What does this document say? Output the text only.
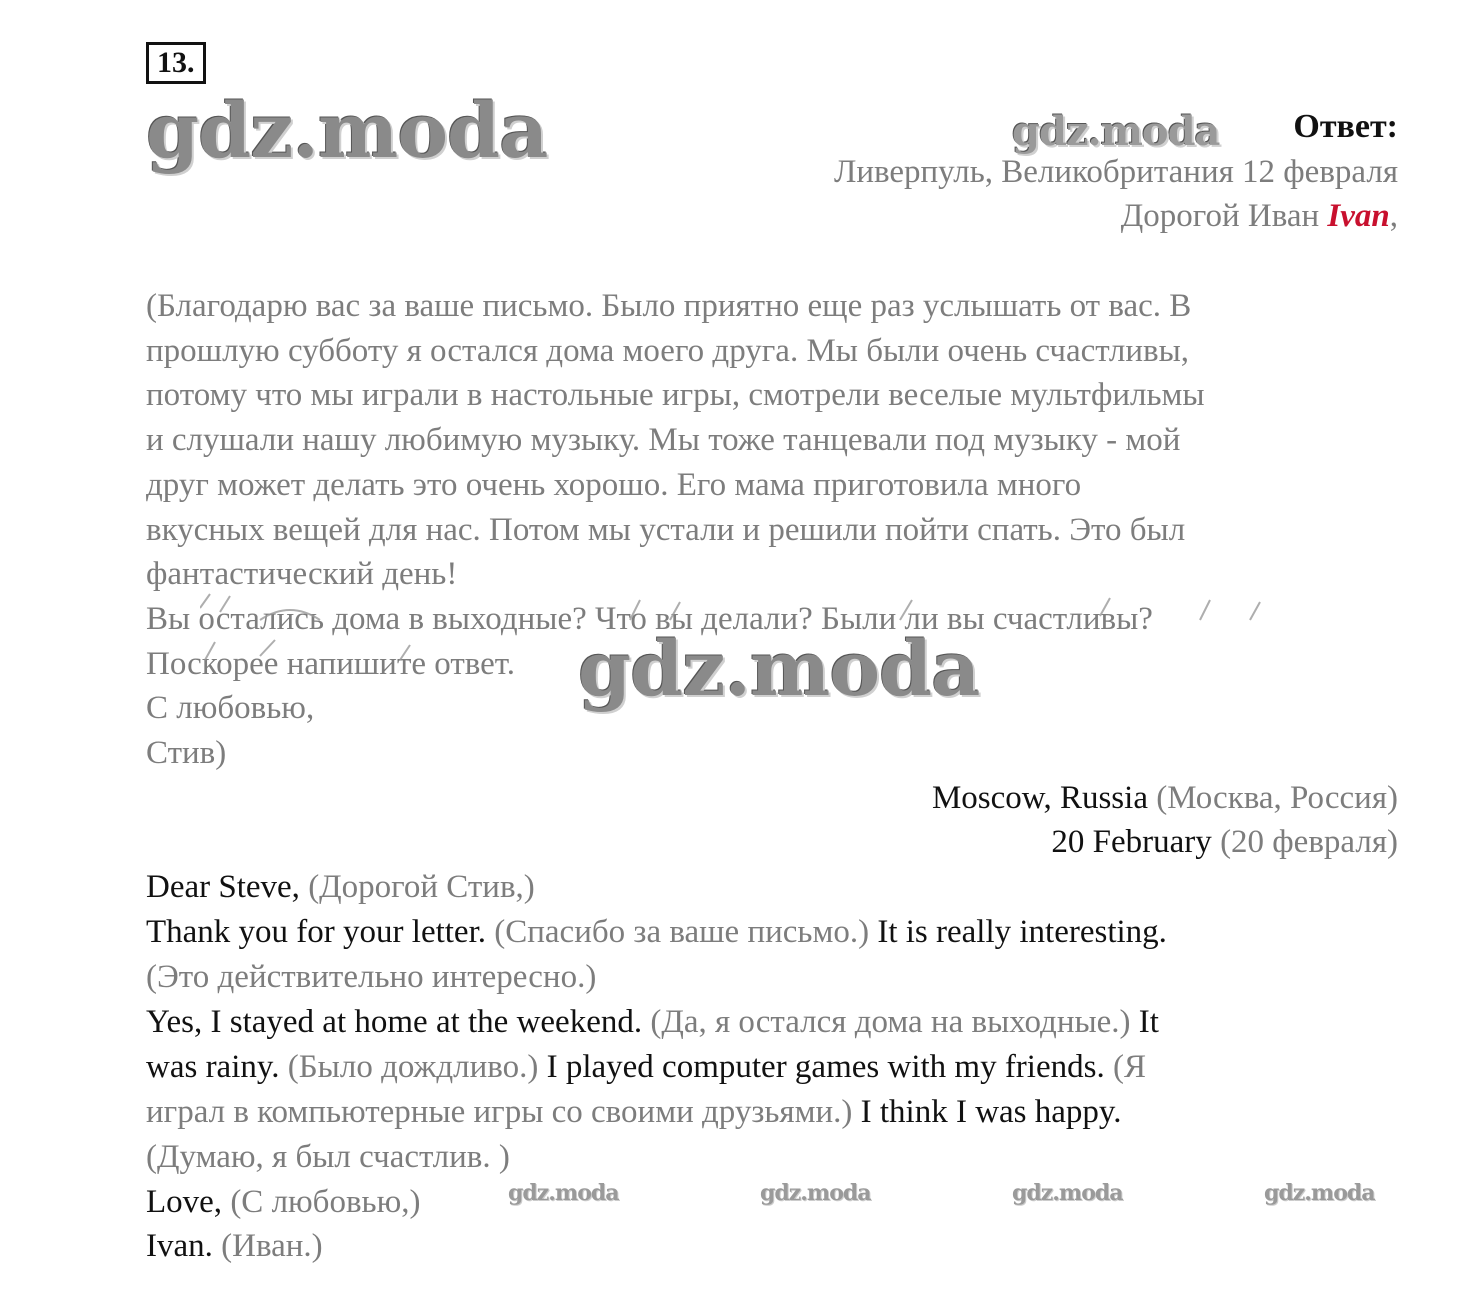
13.
gdz.moda	gdz.moda Ответ:
Ливерпуль, Великобритания 12 февраля
Дорогой Иван Ivan,
(Благодарю вас за ваше письмо. Было приятно еще раз услышать от вас. В
прошлую субботу я остался дома моего друга. Мы были очень счастливы,
потому что мы играли в настольные игры, смотрели веселые мультфильмы
и слушали нашу любимую музыку. Мы тоже танцевали под музыку - мой
друг может делать это очень хорошо. Его мама приготовила много
вкусных вещей для нас. Потом мы устали и решили пойти спать. Это был
фантастический день!
Вы остались дома в выходные? Что вы делали? Были ли вы счастливы?
Поскорее напишите ответ.
С любовью,
Стив)
gdz.moda
Moscow, Russia (Москва, Россия)
20 February (20 февраля)
Dear Steve, (Дорогой Стив,)
Thank you for your letter. (Спасибо за ваше письмо.) It is really interesting.
(Это действительно интересно.)
Yes, I stayed at home at the weekend. (Да, я остался дома на выходные.) It
was rainy. (Было дождливо.) I played computer games with my friends. (Я
играл в компьютерные игры со своими друзьями.) I think I was happy.
(Думаю, я был счастлив. )
Love, (С любовью,)
Ivan. (Иван.)
gdz.moda	gdz.moda	gdz.moda	gdz.moda
